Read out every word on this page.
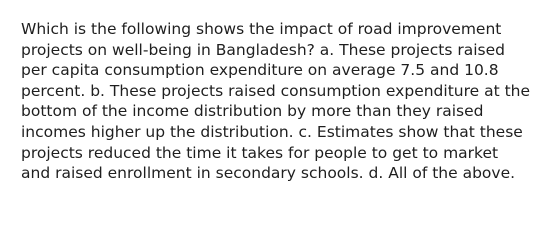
Which is the following shows the impact of road improvement
projects on well-being in Bangladesh? a. These projects raised
per capita consumption expenditure on average 7.5 and 10.8
percent. b. These projects raised consumption expenditure at the
bottom of the income distribution by more than they raised
incomes higher up the distribution. c. Estimates show that these
projects reduced the time it takes for people to get to market
and raised enrollment in secondary schools. d. All of the above.
